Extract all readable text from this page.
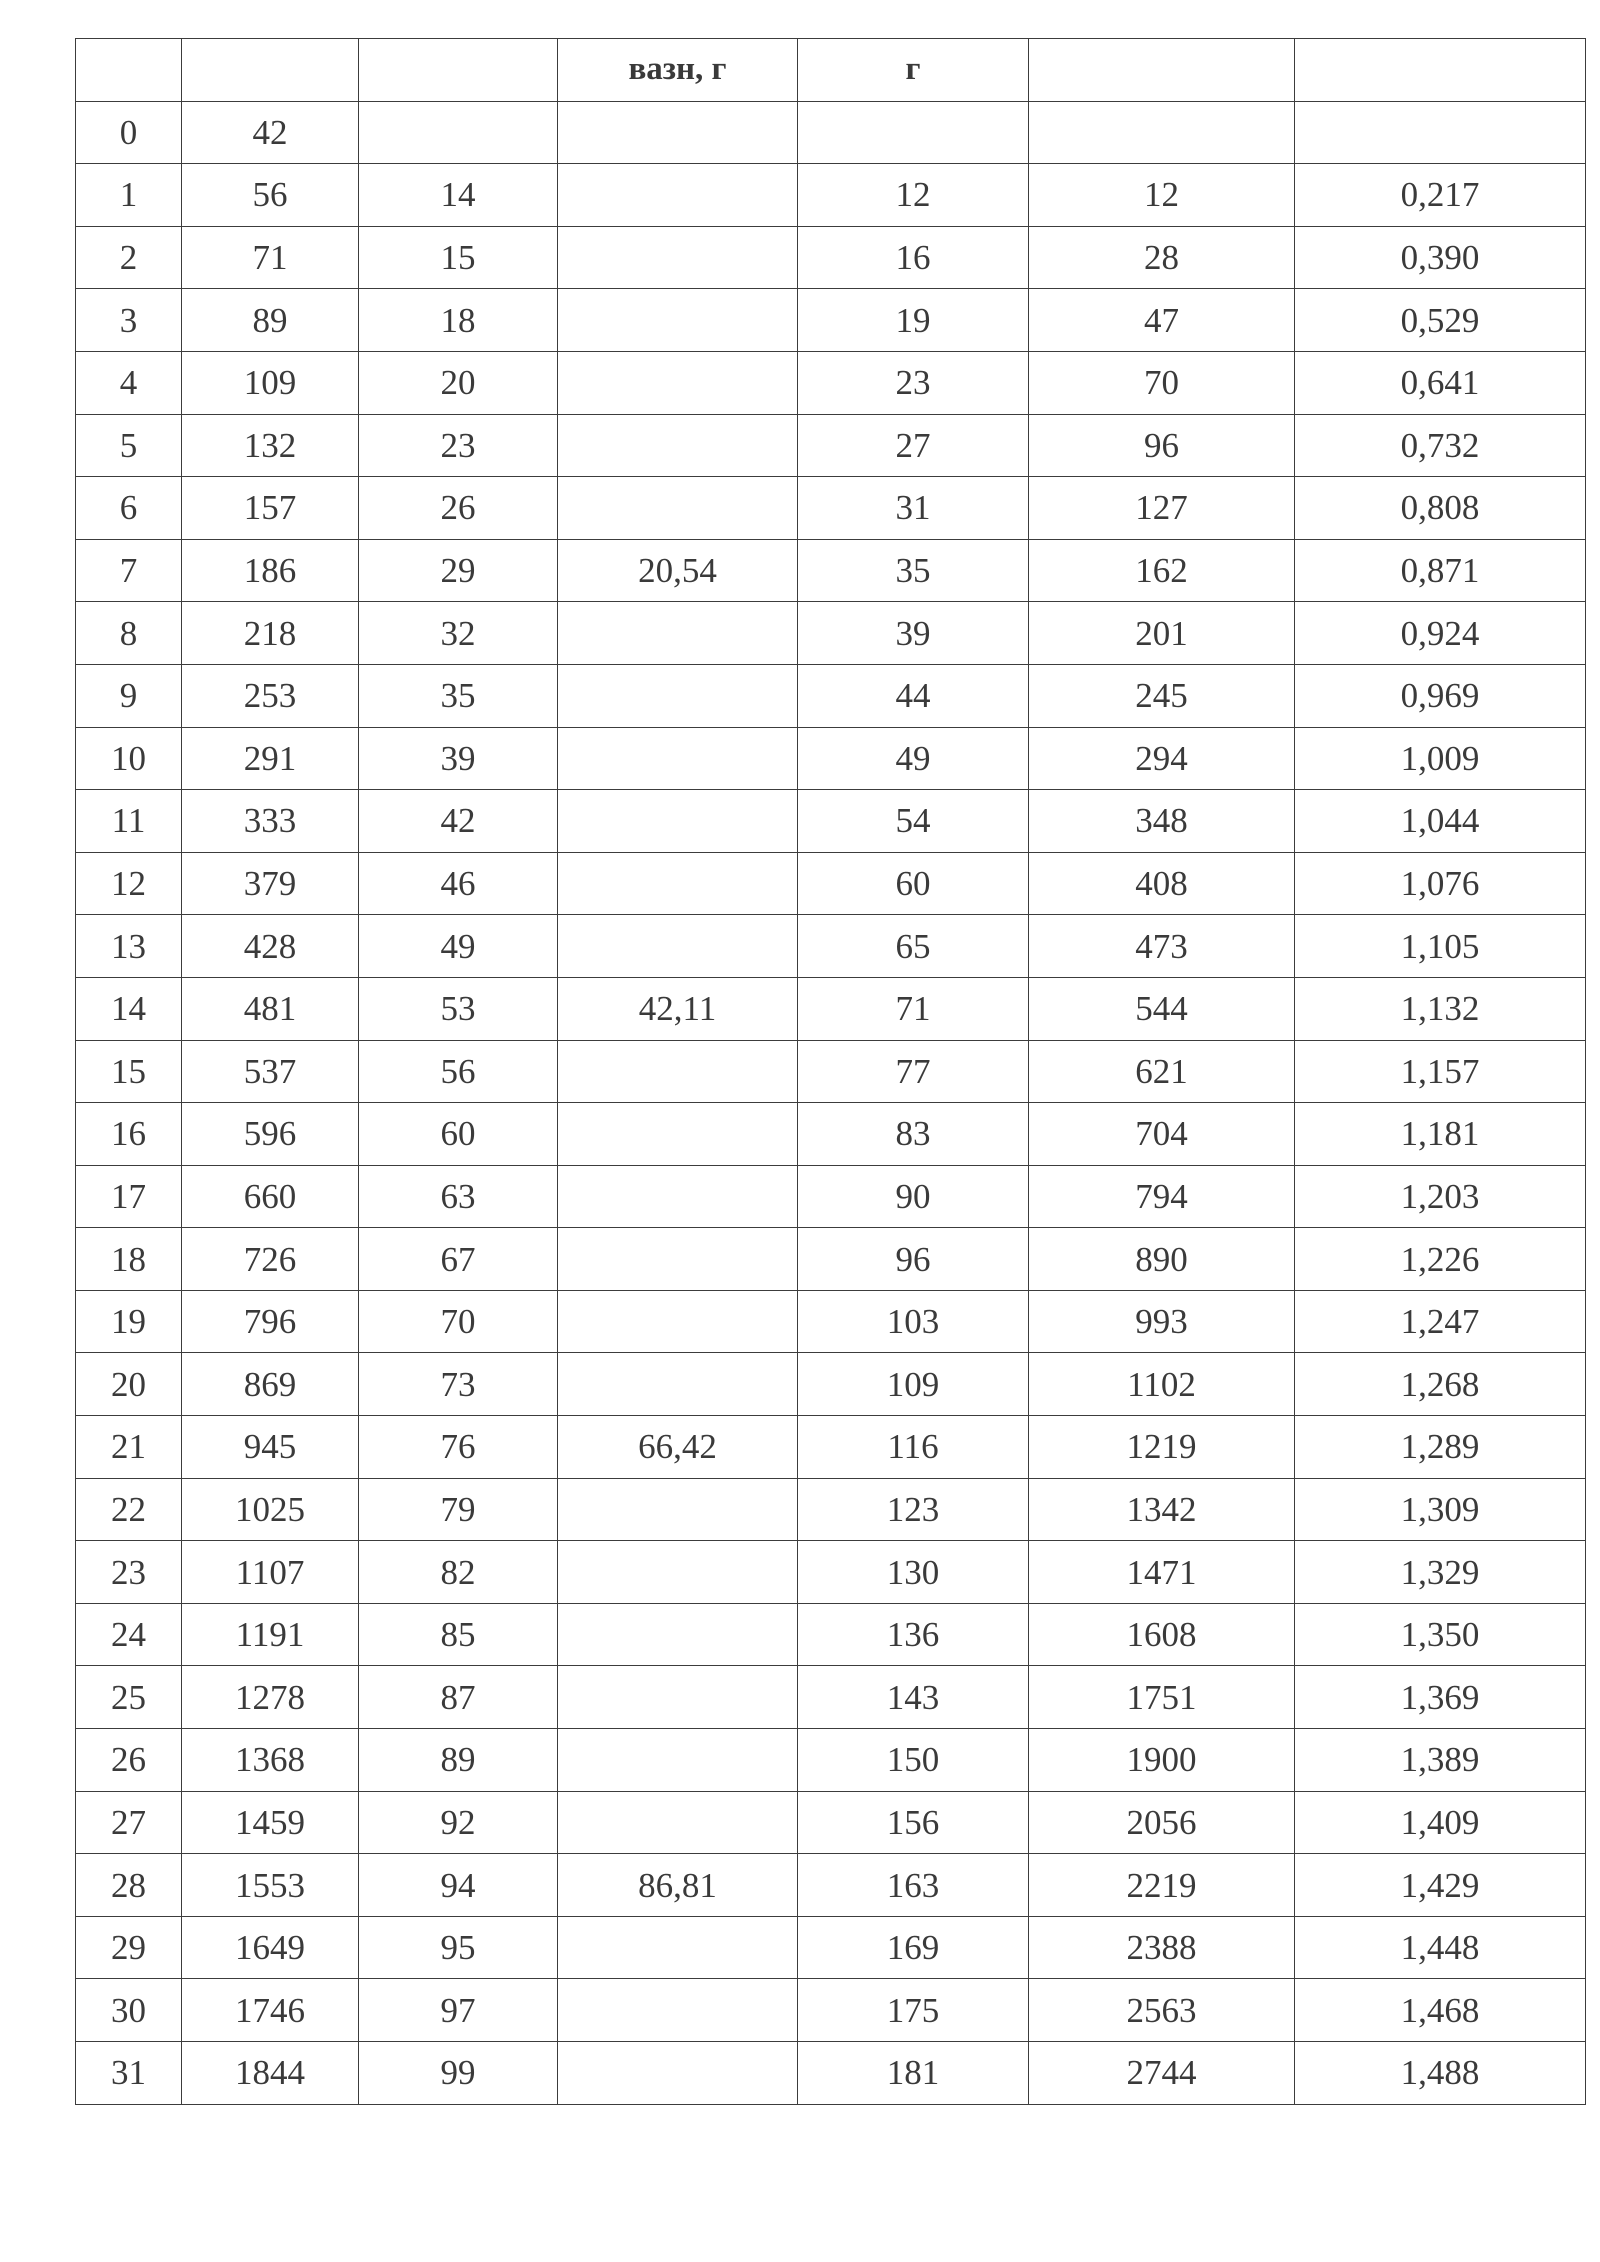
			вазн, г	г		
0	42					
1	56	14		12	12	0,217
2	71	15		16	28	0,390
3	89	18		19	47	0,529
4	109	20		23	70	0,641
5	132	23		27	96	0,732
6	157	26		31	127	0,808
7	186	29	20,54	35	162	0,871
8	218	32		39	201	0,924
9	253	35		44	245	0,969
10	291	39		49	294	1,009
11	333	42		54	348	1,044
12	379	46		60	408	1,076
13	428	49		65	473	1,105
14	481	53	42,11	71	544	1,132
15	537	56		77	621	1,157
16	596	60		83	704	1,181
17	660	63		90	794	1,203
18	726	67		96	890	1,226
19	796	70		103	993	1,247
20	869	73		109	1102	1,268
21	945	76	66,42	116	1219	1,289
22	1025	79		123	1342	1,309
23	1107	82		130	1471	1,329
24	1191	85		136	1608	1,350
25	1278	87		143	1751	1,369
26	1368	89		150	1900	1,389
27	1459	92		156	2056	1,409
28	1553	94	86,81	163	2219	1,429
29	1649	95		169	2388	1,448
30	1746	97		175	2563	1,468
31	1844	99		181	2744	1,488
